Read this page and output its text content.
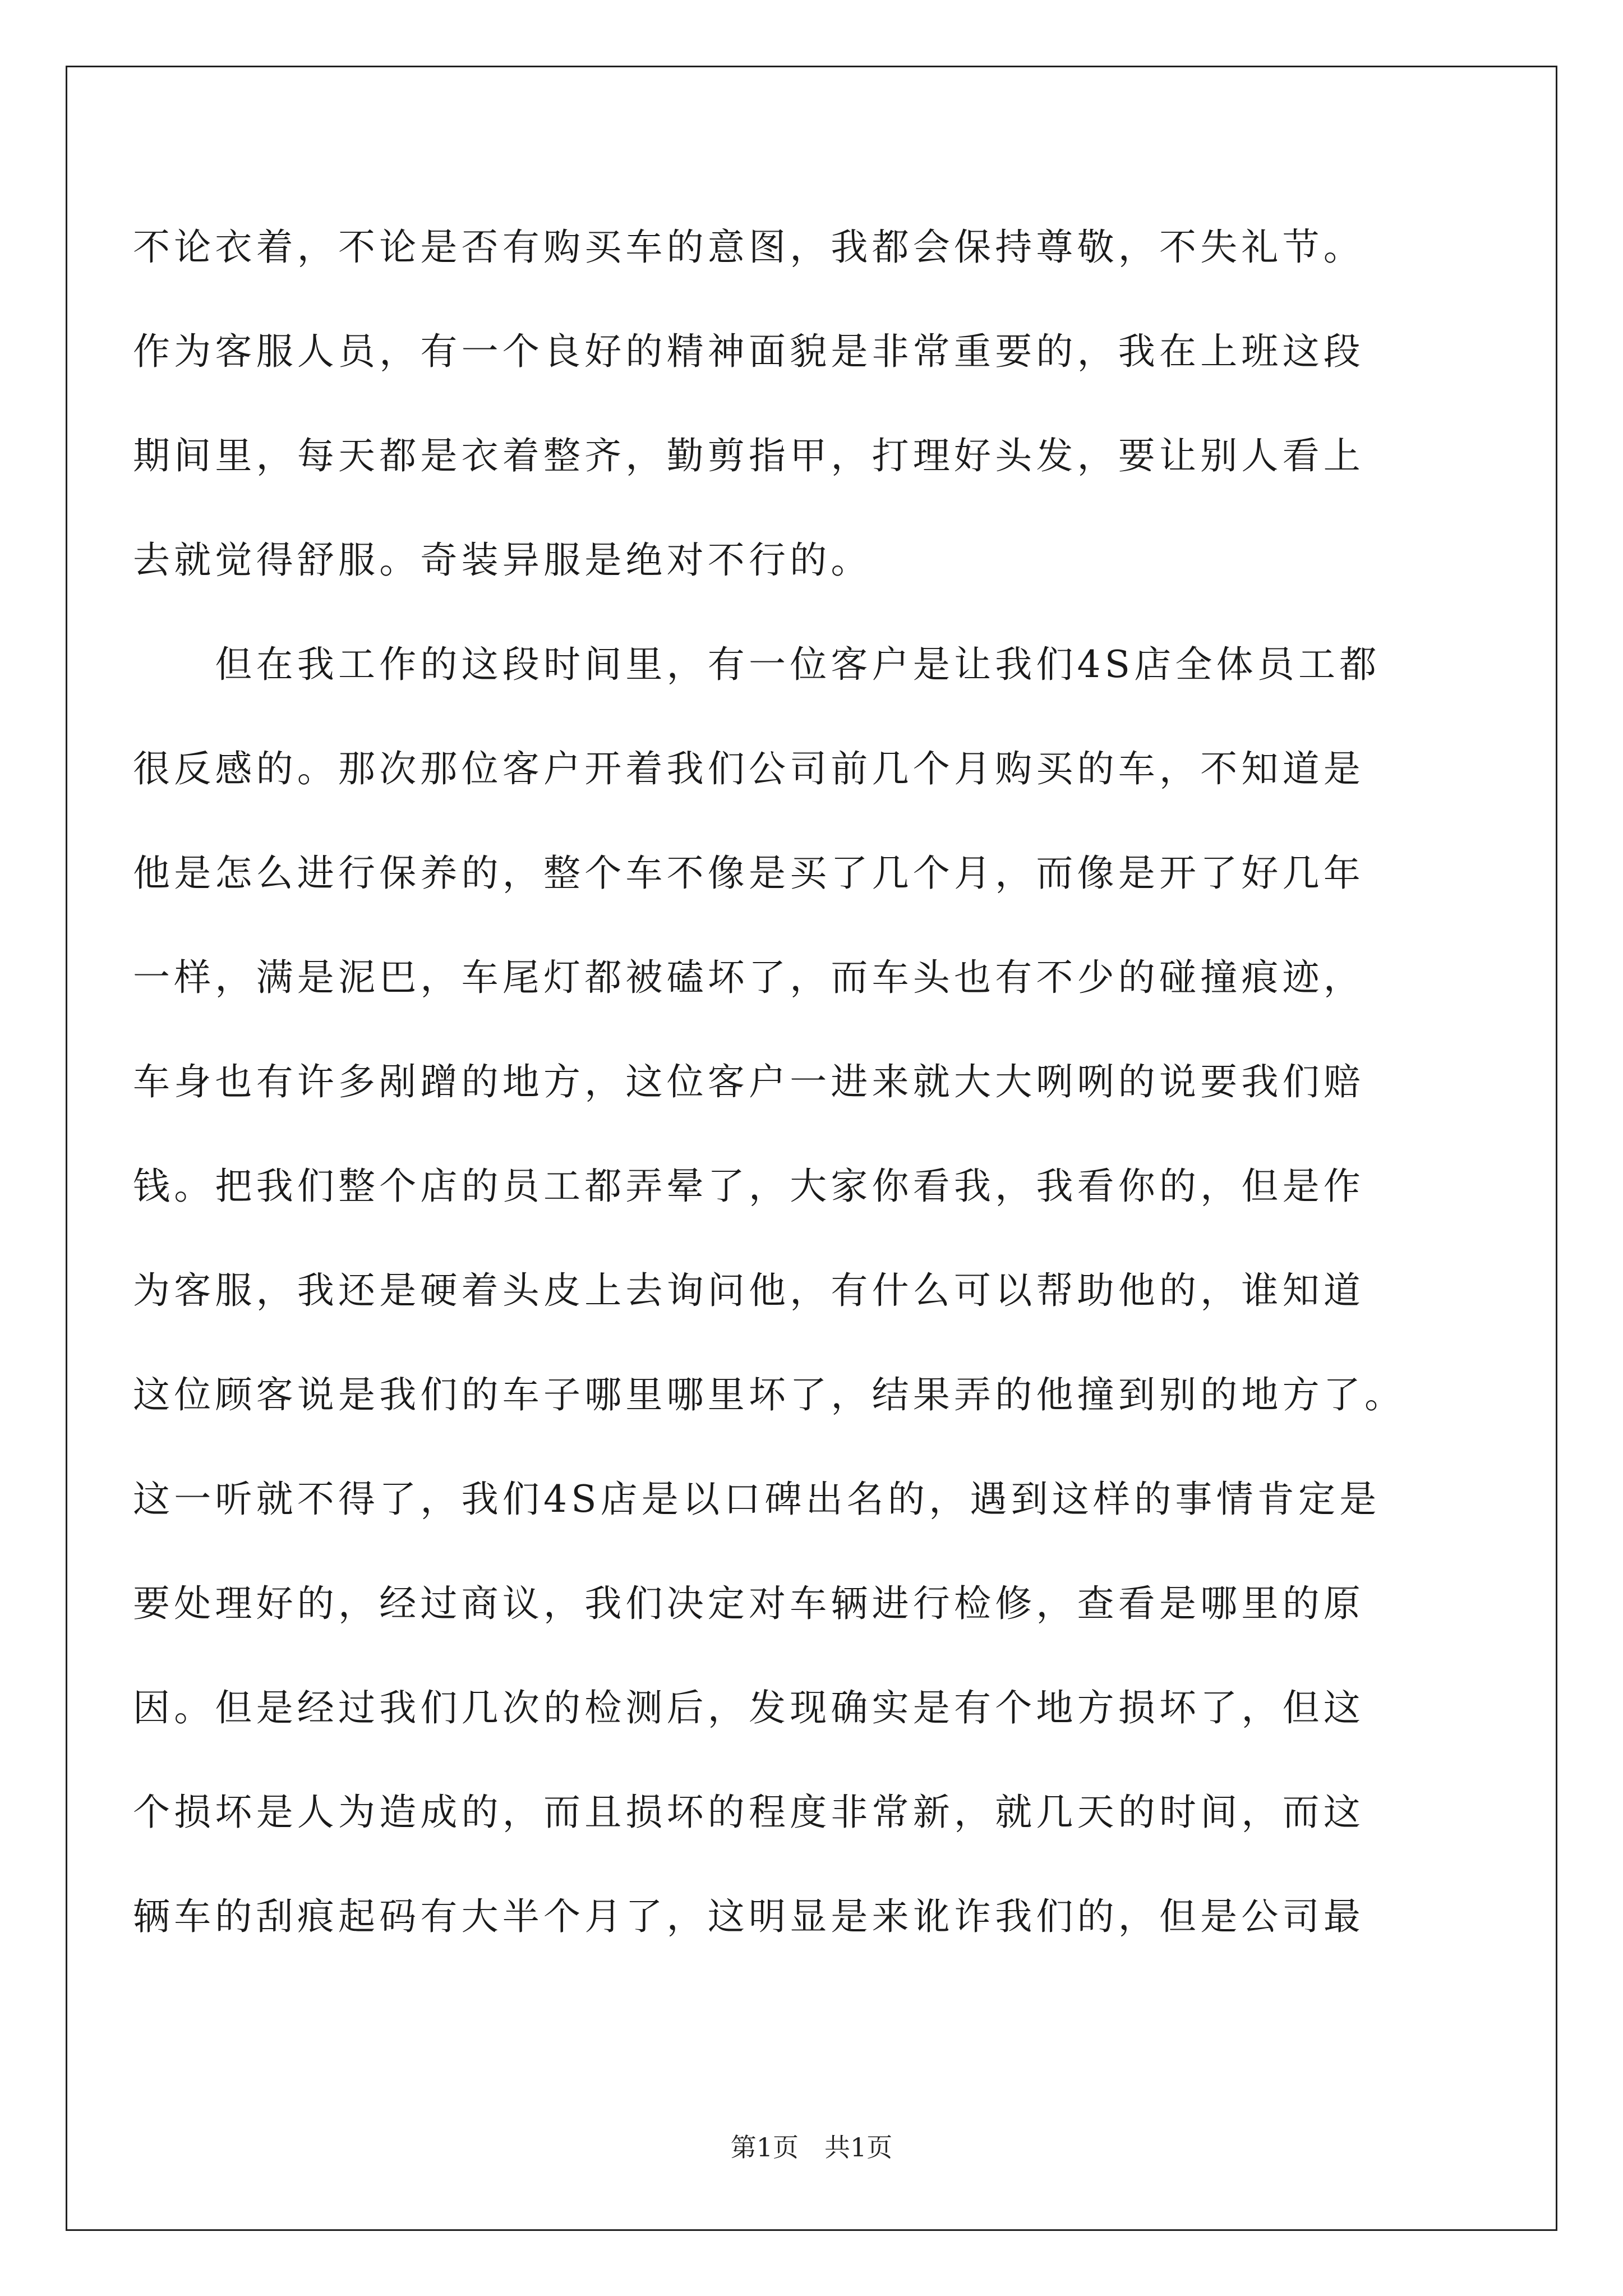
不论衣着，不论是否有购买车的意图，我都会保持尊敬，不失礼节。
作为客服人员，有一个良好的精神面貌是非常重要的，我在上班这段
期间里，每天都是衣着整齐，勤剪指甲，打理好头发，要让别人看上
去就觉得舒服。奇装异服是绝对不行的。
　　但在我工作的这段时间里，有一位客户是让我们4S店全体员工都
很反感的。那次那位客户开着我们公司前几个月购买的车，不知道是
他是怎么进行保养的，整个车不像是买了几个月，而像是开了好几年
一样，满是泥巴，车尾灯都被磕坏了，而车头也有不少的碰撞痕迹，
车身也有许多剐蹭的地方，这位客户一进来就大大咧咧的说要我们赔
钱。把我们整个店的员工都弄晕了，大家你看我，我看你的，但是作
为客服，我还是硬着头皮上去询问他，有什么可以帮助他的，谁知道
这位顾客说是我们的车子哪里哪里坏了，结果弄的他撞到别的地方了。
这一听就不得了，我们4S店是以口碑出名的，遇到这样的事情肯定是
要处理好的，经过商议，我们决定对车辆进行检修，查看是哪里的原
因。但是经过我们几次的检测后，发现确实是有个地方损坏了，但这
个损坏是人为造成的，而且损坏的程度非常新，就几天的时间，而这
辆车的刮痕起码有大半个月了，这明显是来讹诈我们的，但是公司最
第1页　共1页
